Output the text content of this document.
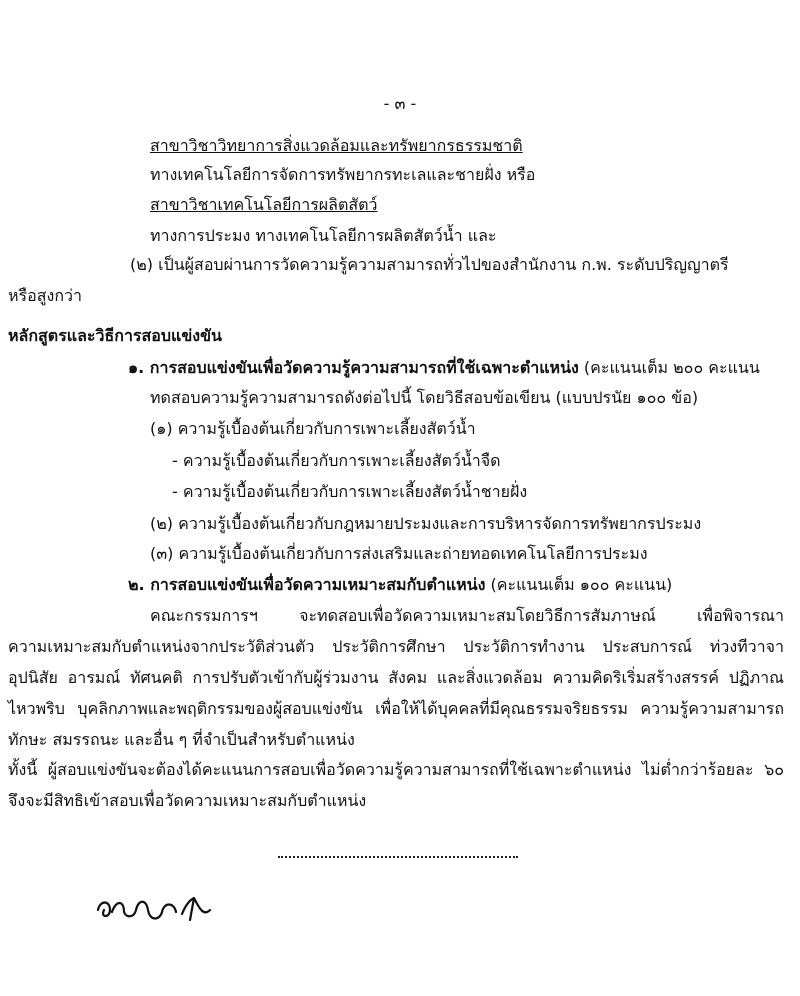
- ๓ -
สาขาวิชาวิทยาการสิ่งแวดล้อมและทรัพยากรธรรมชาติ
ทางเทคโนโลยีการจัดการทรัพยากรทะเลและชายฝั่ง หรือ
สาขาวิชาเทคโนโลยีการผลิตสัตว์
ทางการประมง ทางเทคโนโลยีการผลิตสัตว์น้ำ และ
(๒) เป็นผู้สอบผ่านการวัดความรู้ความสามารถทั่วไปของสำนักงาน ก.พ. ระดับปริญญาตรี
หรือสูงกว่า
หลักสูตรและวิธีการสอบแข่งขัน
๑. การสอบแข่งขันเพื่อวัดความรู้ความสามารถที่ใช้เฉพาะตำแหน่ง (คะแนนเต็ม ๒๐๐ คะแนน
ทดสอบความรู้ความสามารถดังต่อไปนี้ โดยวิธีสอบข้อเขียน (แบบปรนัย ๑๐๐ ข้อ)
(๑) ความรู้เบื้องต้นเกี่ยวกับการเพาะเลี้ยงสัตว์น้ำ
- ความรู้เบื้องต้นเกี่ยวกับการเพาะเลี้ยงสัตว์น้ำจืด
- ความรู้เบื้องต้นเกี่ยวกับการเพาะเลี้ยงสัตว์น้ำชายฝั่ง
(๒) ความรู้เบื้องต้นเกี่ยวกับกฎหมายประมงและการบริหารจัดการทรัพยากรประมง
(๓) ความรู้เบื้องต้นเกี่ยวกับการส่งเสริมและถ่ายทอดเทคโนโลยีการประมง
๒. การสอบแข่งขันเพื่อวัดความเหมาะสมกับตำแหน่ง (คะแนนเต็ม ๑๐๐ คะแนน)
คณะกรรมการฯ จะทดสอบเพื่อวัดความเหมาะสมโดยวิธีการสัมภาษณ์ เพื่อพิจารณา
ความเหมาะสมกับตำแหน่งจากประวัติส่วนตัว ประวัติการศึกษา ประวัติการทำงาน ประสบการณ์ ท่วงทีวาจา
อุปนิสัย อารมณ์ ทัศนคติ การปรับตัวเข้ากับผู้ร่วมงาน สังคม และสิ่งแวดล้อม ความคิดริเริ่มสร้างสรรค์ ปฏิภาณ
ไหวพริบ บุคลิกภาพและพฤติกรรมของผู้สอบแข่งขัน เพื่อให้ได้บุคคลที่มีคุณธรรมจริยธรรม ความรู้ความสามารถ
ทักษะ สมรรถนะ และอื่น ๆ ที่จำเป็นสำหรับตำแหน่ง
ทั้งนี้ ผู้สอบแข่งขันจะต้องได้คะแนนการสอบเพื่อวัดความรู้ความสามารถที่ใช้เฉพาะตำแหน่ง ไม่ต่ำกว่าร้อยละ ๖๐
จึงจะมีสิทธิเข้าสอบเพื่อวัดความเหมาะสมกับตำแหน่ง
